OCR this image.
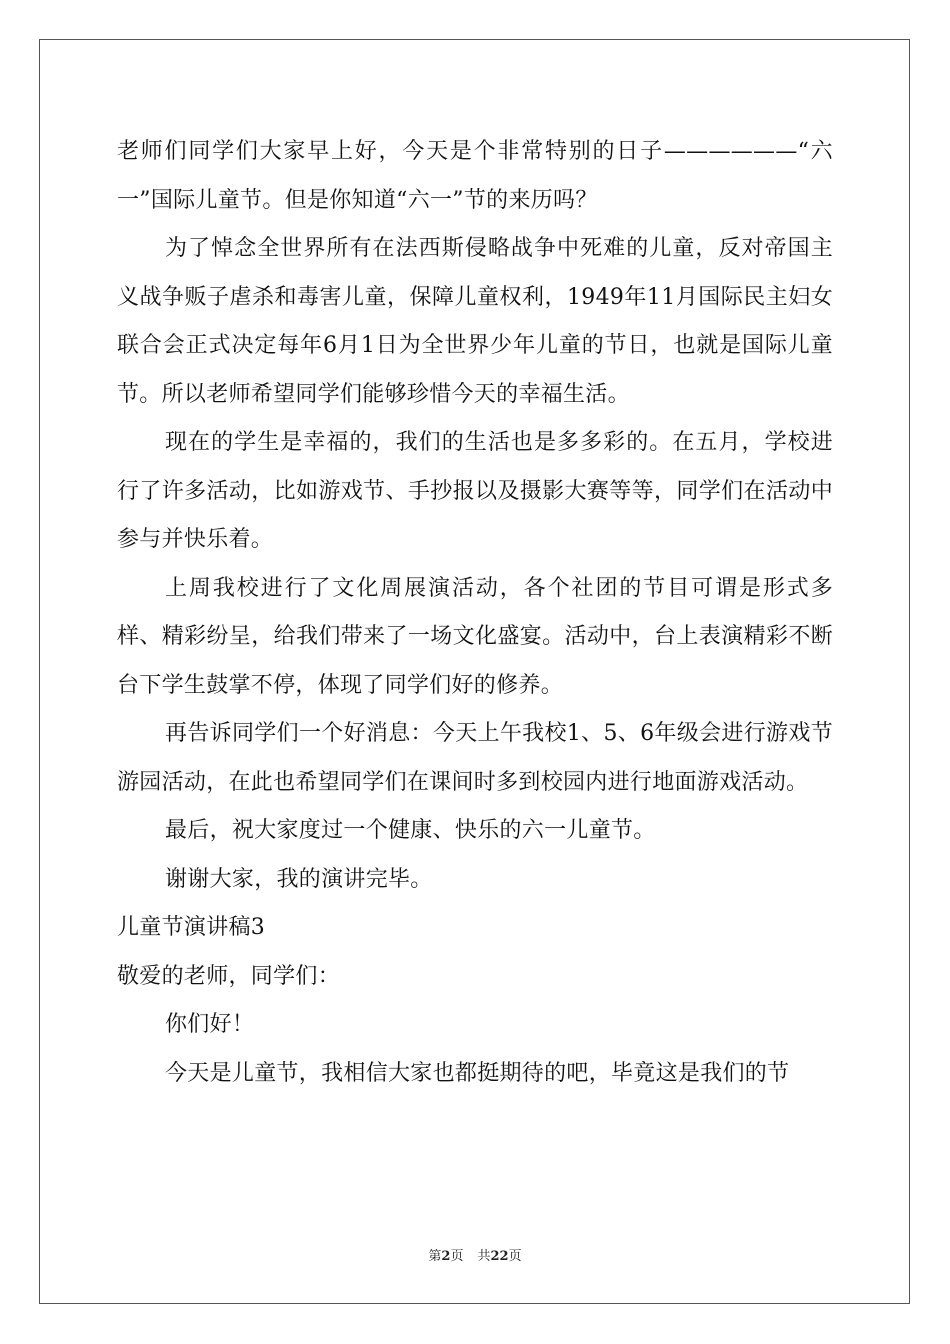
老师们同学们大家早上好，今天是个非常特别的日子——————“六一”国际儿童节。但是你知道“六一”节的来历吗？

为了悼念全世界所有在法西斯侵略战争中死难的儿童，反对帝国主义战争贩子虐杀和毒害儿童，保障儿童权利，1949年11月国际民主妇女联合会正式决定每年6月1日为全世界少年儿童的节日，也就是国际儿童节。所以老师希望同学们能够珍惜今天的幸福生活。

现在的学生是幸福的，我们的生活也是多多彩的。在五月，学校进行了许多活动，比如游戏节、手抄报以及摄影大赛等等，同学们在活动中参与并快乐着。

上周我校进行了文化周展演活动，各个社团的节目可谓是形式多样、精彩纷呈，给我们带来了一场文化盛宴。活动中，台上表演精彩不断台下学生鼓掌不停，体现了同学们好的修养。

再告诉同学们一个好消息：今天上午我校1、5、6年级会进行游戏节游园活动，在此也希望同学们在课间时多到校园内进行地面游戏活动。

最后，祝大家度过一个健康、快乐的六一儿童节。

谢谢大家，我的演讲完毕。

儿童节演讲稿3

敬爱的老师，同学们：

你们好！

今天是儿童节，我相信大家也都挺期待的吧，毕竟这是我们的节

第2页 共22页
